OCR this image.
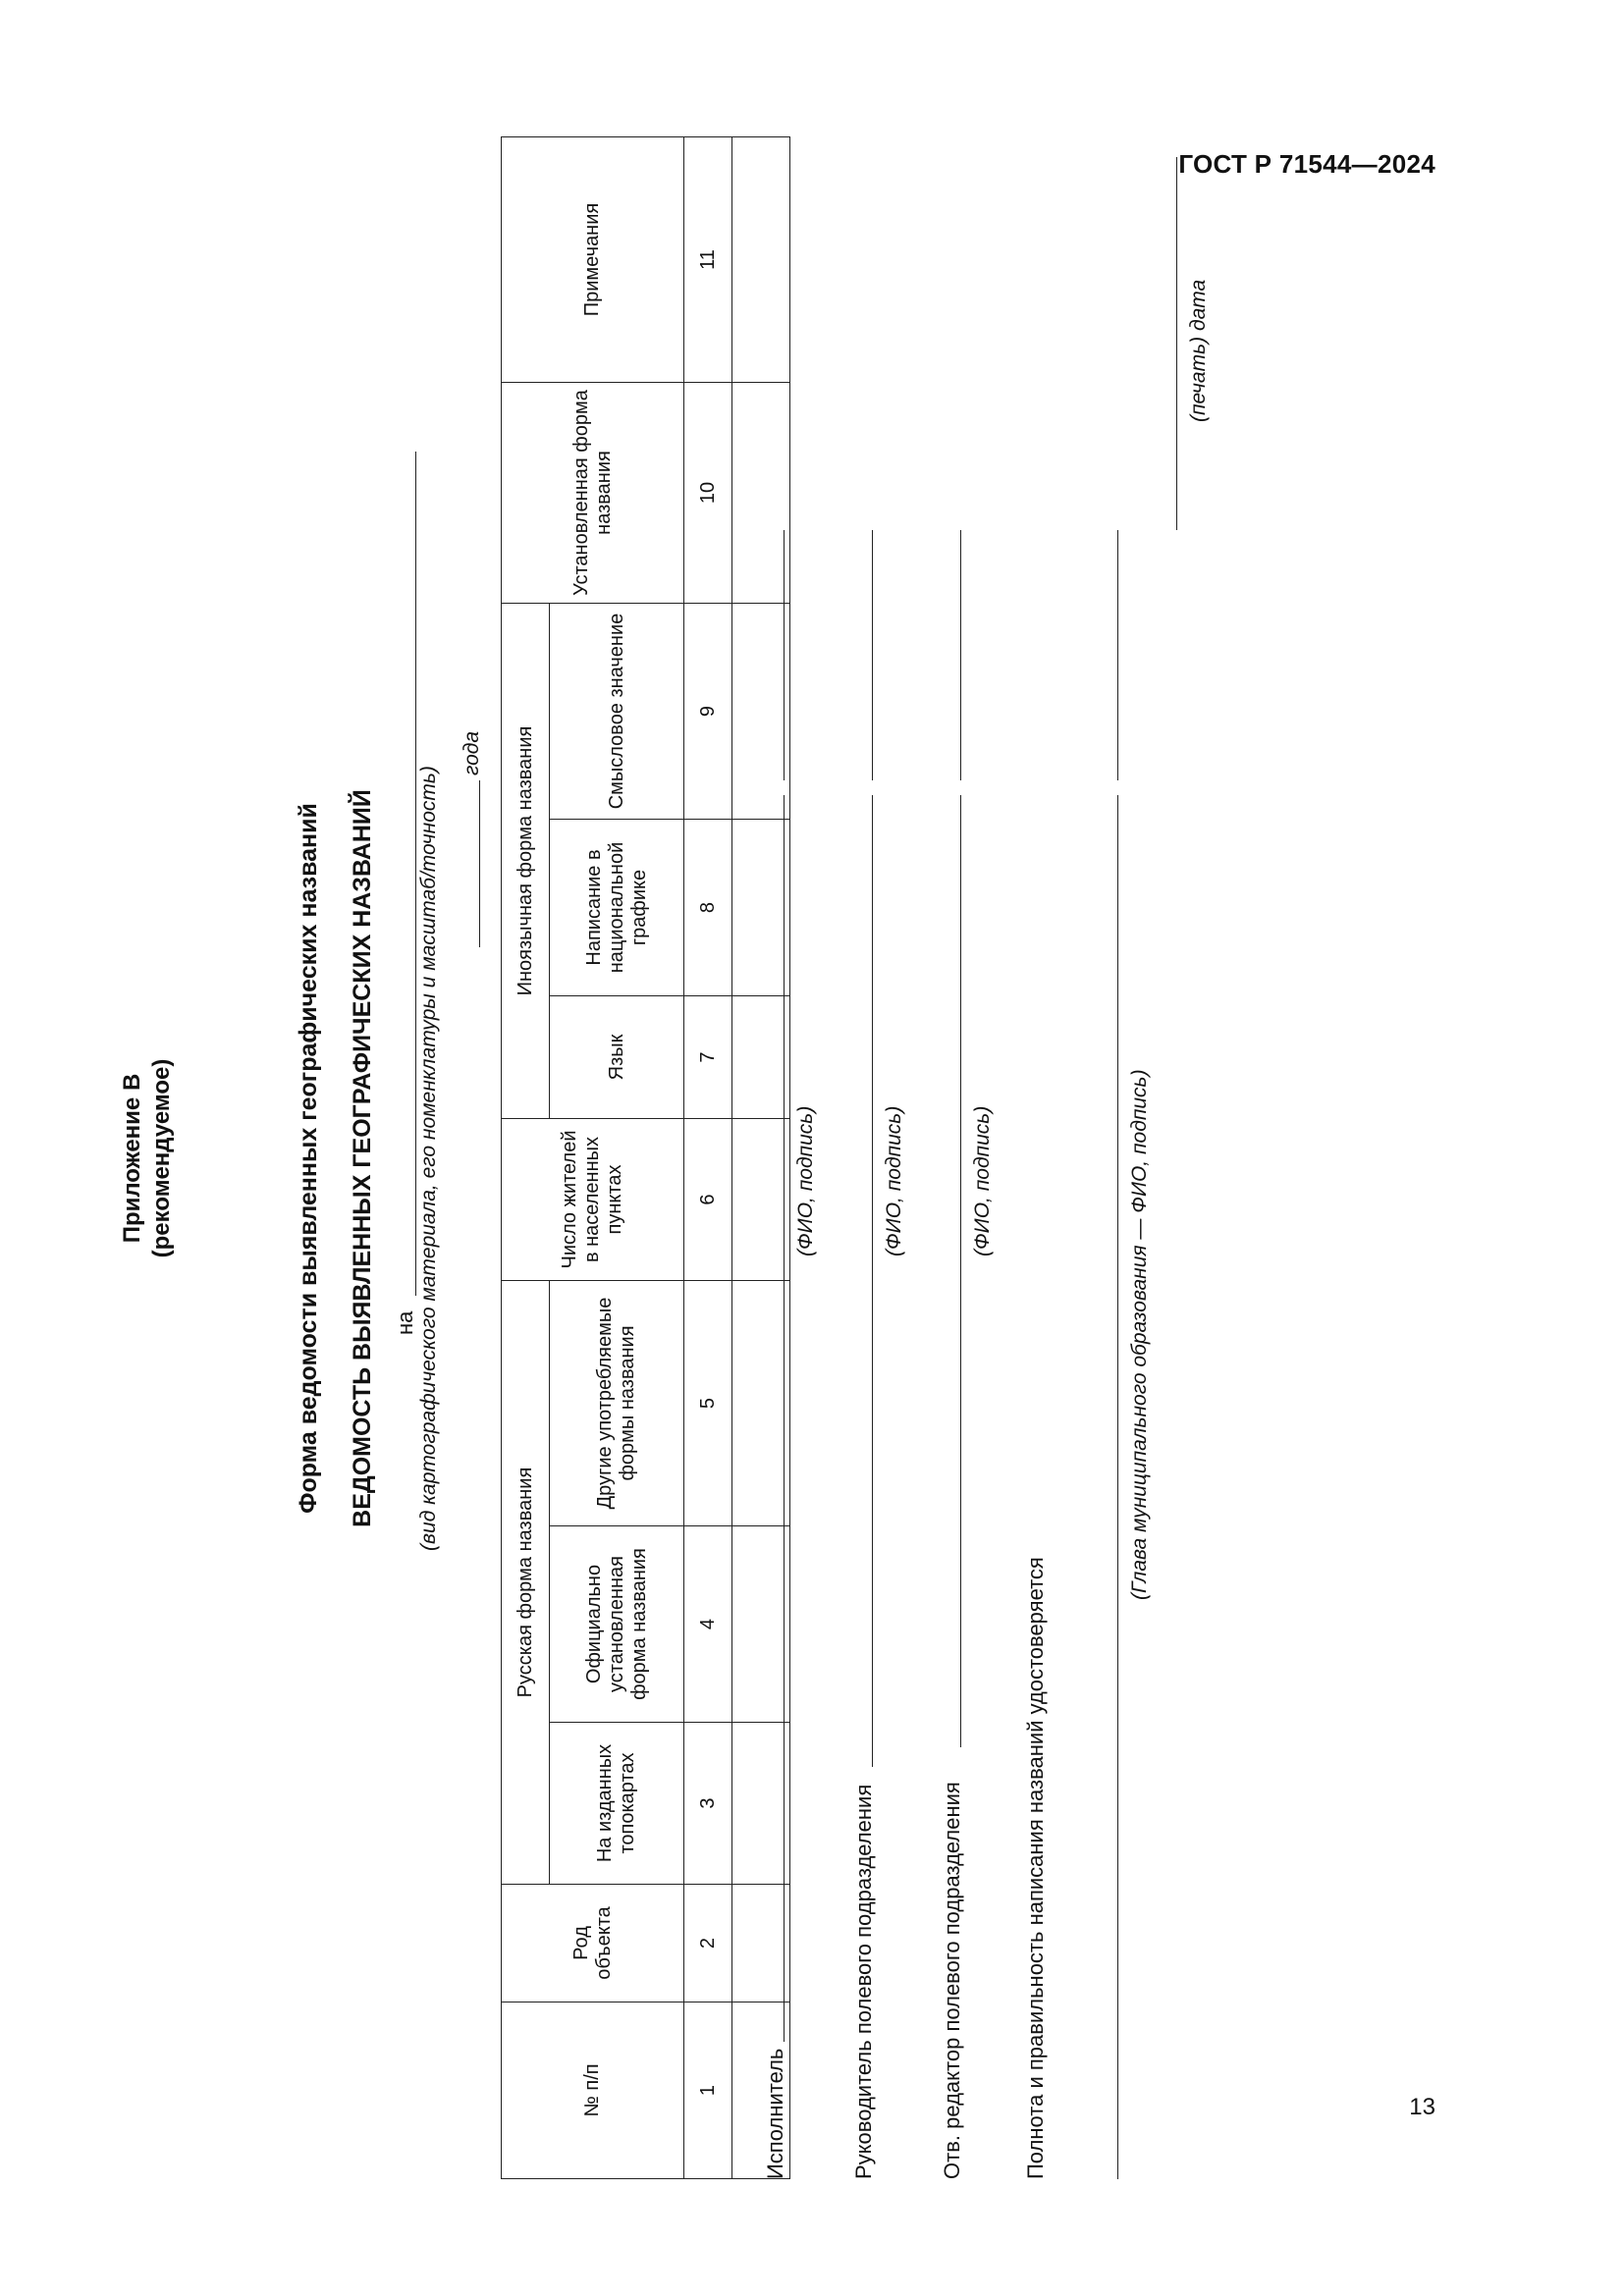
ГОСТ Р 71544—2024
13
Приложение В (рекомендуемое)	Форма ведомости выявленных географических названий ВЕДОМОСТЬ ВЫЯВЛЕННЫХ ГЕОГРАФИЧЕСКИХ НАЗВАНИЙ на (вид картографического материала, его номенклатуры и масштаб/точность)
года
№ п/п	Род объекта	Русская форма названия			Число жителей в населенных пунктах	Иноязычная форма названия			Установленная форма названия	Примечания
		На изданных топокартах	Официально установленная форма названия	Другие употребляемые формы названия		Язык	Написание в национальной графике	Смысловое значение		
1	2	3	4	5	6	7	8	9	10	11

Исполнитель
(ФИО, подпись)
Руководитель полевого подразделения
(ФИО, подпись)
Отв. редактор полевого подразделения
(ФИО, подпись)
Полнота и правильность написания названий удостоверяется
(Глава муниципального образования — ФИО, подпись)
(печать) дата
